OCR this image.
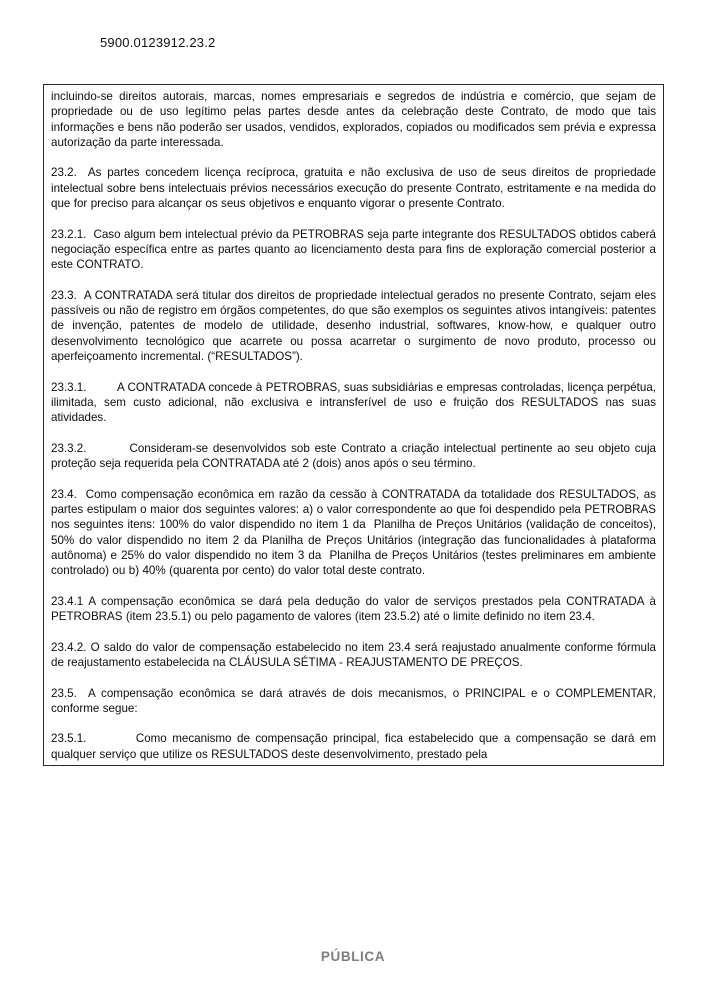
5900.0123912.23.2

incluindo-se direitos autorais, marcas, nomes empresariais e segredos de indústria e comércio, que sejam de propriedade ou de uso legítimo pelas partes desde antes da celebração deste Contrato, de modo que tais informações e bens não poderão ser usados, vendidos, explorados, copiados ou modificados sem prévia e expressa autorização da parte interessada.

23.2.  As partes concedem licença recíproca, gratuita e não exclusiva de uso de seus direitos de propriedade intelectual sobre bens intelectuais prévios necessários execução do presente Contrato, estritamente e na medida do que for preciso para alcançar os seus objetivos e enquanto vigorar o presente Contrato.

23.2.1.  Caso algum bem intelectual prévio da PETROBRAS seja parte integrante dos RESULTADOS obtidos caberá negociação específica entre as partes quanto ao licenciamento desta para fins de exploração comercial posterior a este CONTRATO.

23.3.  A CONTRATADA será titular dos direitos de propriedade intelectual gerados no presente Contrato, sejam eles passíveis ou não de registro em órgãos competentes, do que são exemplos os seguintes ativos intangíveis: patentes de invenção, patentes de modelo de utilidade, desenho industrial, softwares, know-how, e qualquer outro desenvolvimento tecnológico que acarrete ou possa acarretar o surgimento de novo produto, processo ou aperfeiçoamento incremental. (“RESULTADOS”).

23.3.1.         A CONTRATADA concede à PETROBRAS, suas subsidiárias e empresas controladas, licença perpétua, ilimitada, sem custo adicional, não exclusiva e intransferível de uso e fruição dos RESULTADOS nas suas atividades.

23.3.2.         Consideram-se desenvolvidos sob este Contrato a criação intelectual pertinente ao seu objeto cuja proteção seja requerida pela CONTRATADA até 2 (dois) anos após o seu término.

23.4.  Como compensação econômica em razão da cessão à CONTRATADA da totalidade dos RESULTADOS, as partes estipulam o maior dos seguintes valores: a) o valor correspondente ao que foi despendido pela PETROBRAS nos seguintes itens: 100% do valor dispendido no item 1 da  Planilha de Preços Unitários (validação de conceitos), 50% do valor dispendido no item 2 da Planilha de Preços Unitários (integração das funcionalidades à plataforma autônoma) e 25% do valor dispendido no item 3 da  Planilha de Preços Unitários (testes preliminares em ambiente controlado) ou b) 40% (quarenta por cento) do valor total deste contrato.

23.4.1 A compensação econômica se dará pela dedução do valor de serviços prestados pela CONTRATADA à PETROBRAS (item 23.5.1) ou pelo pagamento de valores (item 23.5.2) até o limite definido no item 23.4.

23.4.2. O saldo do valor de compensação estabelecido no item 23.4 será reajustado anualmente conforme fórmula de reajustamento estabelecida na CLÁUSULA SÉTIMA - REAJUSTAMENTO DE PREÇOS.

23.5.  A compensação econômica se dará através de dois mecanismos, o PRINCIPAL e o COMPLEMENTAR, conforme segue:

23.5.1.         Como mecanismo de compensação principal, fica estabelecido que a compensação se dará em qualquer serviço que utilize os RESULTADOS deste desenvolvimento, prestado pela

PÚBLICA
